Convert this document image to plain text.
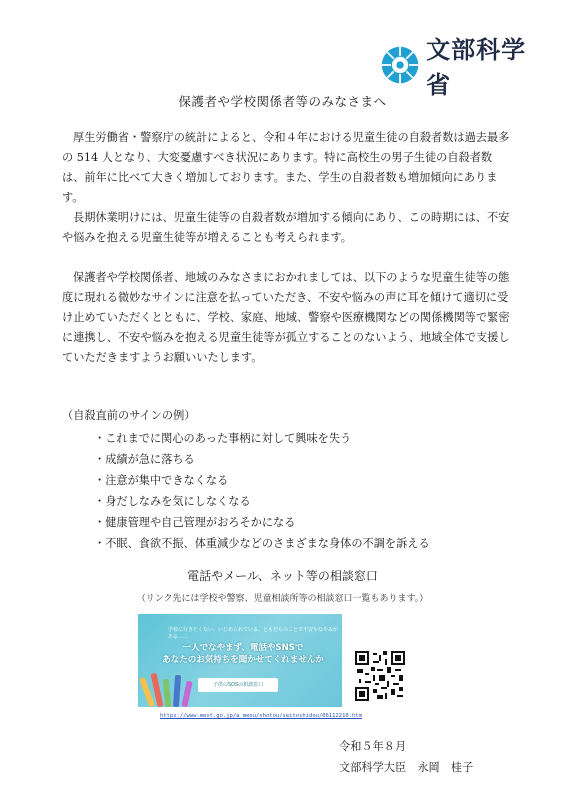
文部科学省
保護者や学校関係者等のみなさまへ

厚生労働省・警察庁の統計によると、令和４年における児童生徒の自殺者数は過去最多の 514 人となり、大変憂慮すべき状況にあります。特に高校生の男子生徒の自殺者数は、前年に比べて大きく増加しております。また、学生の自殺者数も増加傾向にあります。

長期休業明けには、児童生徒等の自殺者数が増加する傾向にあり、この時期には、不安や悩みを抱える児童生徒等が増えることも考えられます。

保護者や学校関係者、地域のみなさまにおかれましては、以下のような児童生徒等の態度に現れる微妙なサインに注意を払っていただき、不安や悩みの声に耳を傾けて適切に受け止めていただくとともに、学校、家庭、地域、警察や医療機関などの関係機関等で緊密に連携し、不安や悩みを抱える児童生徒等が孤立することのないよう、地域全体で支援していただきますようお願いいたします。

（自殺直前のサインの例）
・これまでに関心のあった事柄に対して興味を失う
・成績が急に落ちる
・注意が集中できなくなる
・身だしなみを気にしなくなる
・健康管理や自己管理がおろそかになる
・不眠、食欲不振、体重減少などのさまざまな身体の不調を訴える
電話やメール、ネット等の相談窓口
（リンク先には学校や警察、児童相談所等の相談窓口一覧もあります。）
学校に行きたくない、いじめられている、ともだちのことで不安やなやみがある……
一人でなやまず、電話やSNSで
あなたのお気持ちを聞かせてくれませんか
子供のSOSの相談窓口
https://www.mext.go.jp/a_menu/shotou/seitoshidou/06112210.htm
令和５年８月
文部科学大臣　永岡　桂子
